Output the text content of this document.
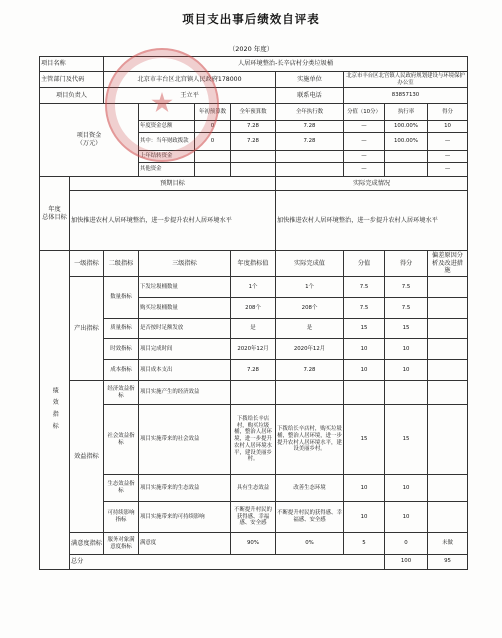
项目支出事后绩效自评表
（2020 年度）
项目名称		人居环境整治-长辛店村分类垃圾桶								
主管部门及代码		北京市丰台区北宫镇人民政府178000				实施单位	北京市丰台区北宫镇人民政府规划建设与环境保护办公室			
项目负责人		王立平				联系电话	83857130			
项目资金
（万元）				年初预算数	全年预算数	全年执行数	分值（10分）	执行率	得分	
			年度资金总额	0	7.28	7.28	—	100.00%	10	
			其中：当年财政拨款	0	7.28	7.28	—	100.00%	—	
			上年结转资金				—		—	
			其他资金				—		—	
年度
总体目标	预期目标					实际完成情况				
	加快推进农村人居环境整治，进一步提升农村人居环境水平					加快推进农村人居环境整治，进一步提升农村人居环境水平				
绩 效 指 标	一级指标	二级指标	三级指标		年度指标值	实际完成值	分值	得分	偏差原因分析及改进措施	
	产出指标	数量指标	下发垃圾桶数量		1个	1个	7.5	7.5		
			购买垃圾桶数量		208个	208个	7.5	7.5		
		质量指标	是否按时足额发放		是	是	15	15		
		时效指标	项目完成时间		2020年12月	2020年12月	10	10		
		成本指标	项目成本支出		7.28	7.28	10	10		
	效益指标	经济效益指标	项目实施产生的经济效益							
		社会效益指标	项目实施带来的社会效益		下拨给长辛店村，购买垃圾桶，整治人居环境，进一步提升农村人居环境水平，建设美丽乡村。	下拨给长辛店村，购买垃圾桶，整治人居环境，进一步提升农村人居环境水平，建设美丽乡村。	15	15		
		生态效益指标	项目实施带来的生态效益		具有生态效益	改善生态环境	10	10		
		可持续影响指标	项目实施带来的可持续影响		不断提升村民的获得感、幸福感、安全感	不断提升村民的获得感、幸福感、安全感	10	10		
	满意度指标	服务对象满意度指标	满意度		90%	0%	5	0	未做	
	总分							100	95	
